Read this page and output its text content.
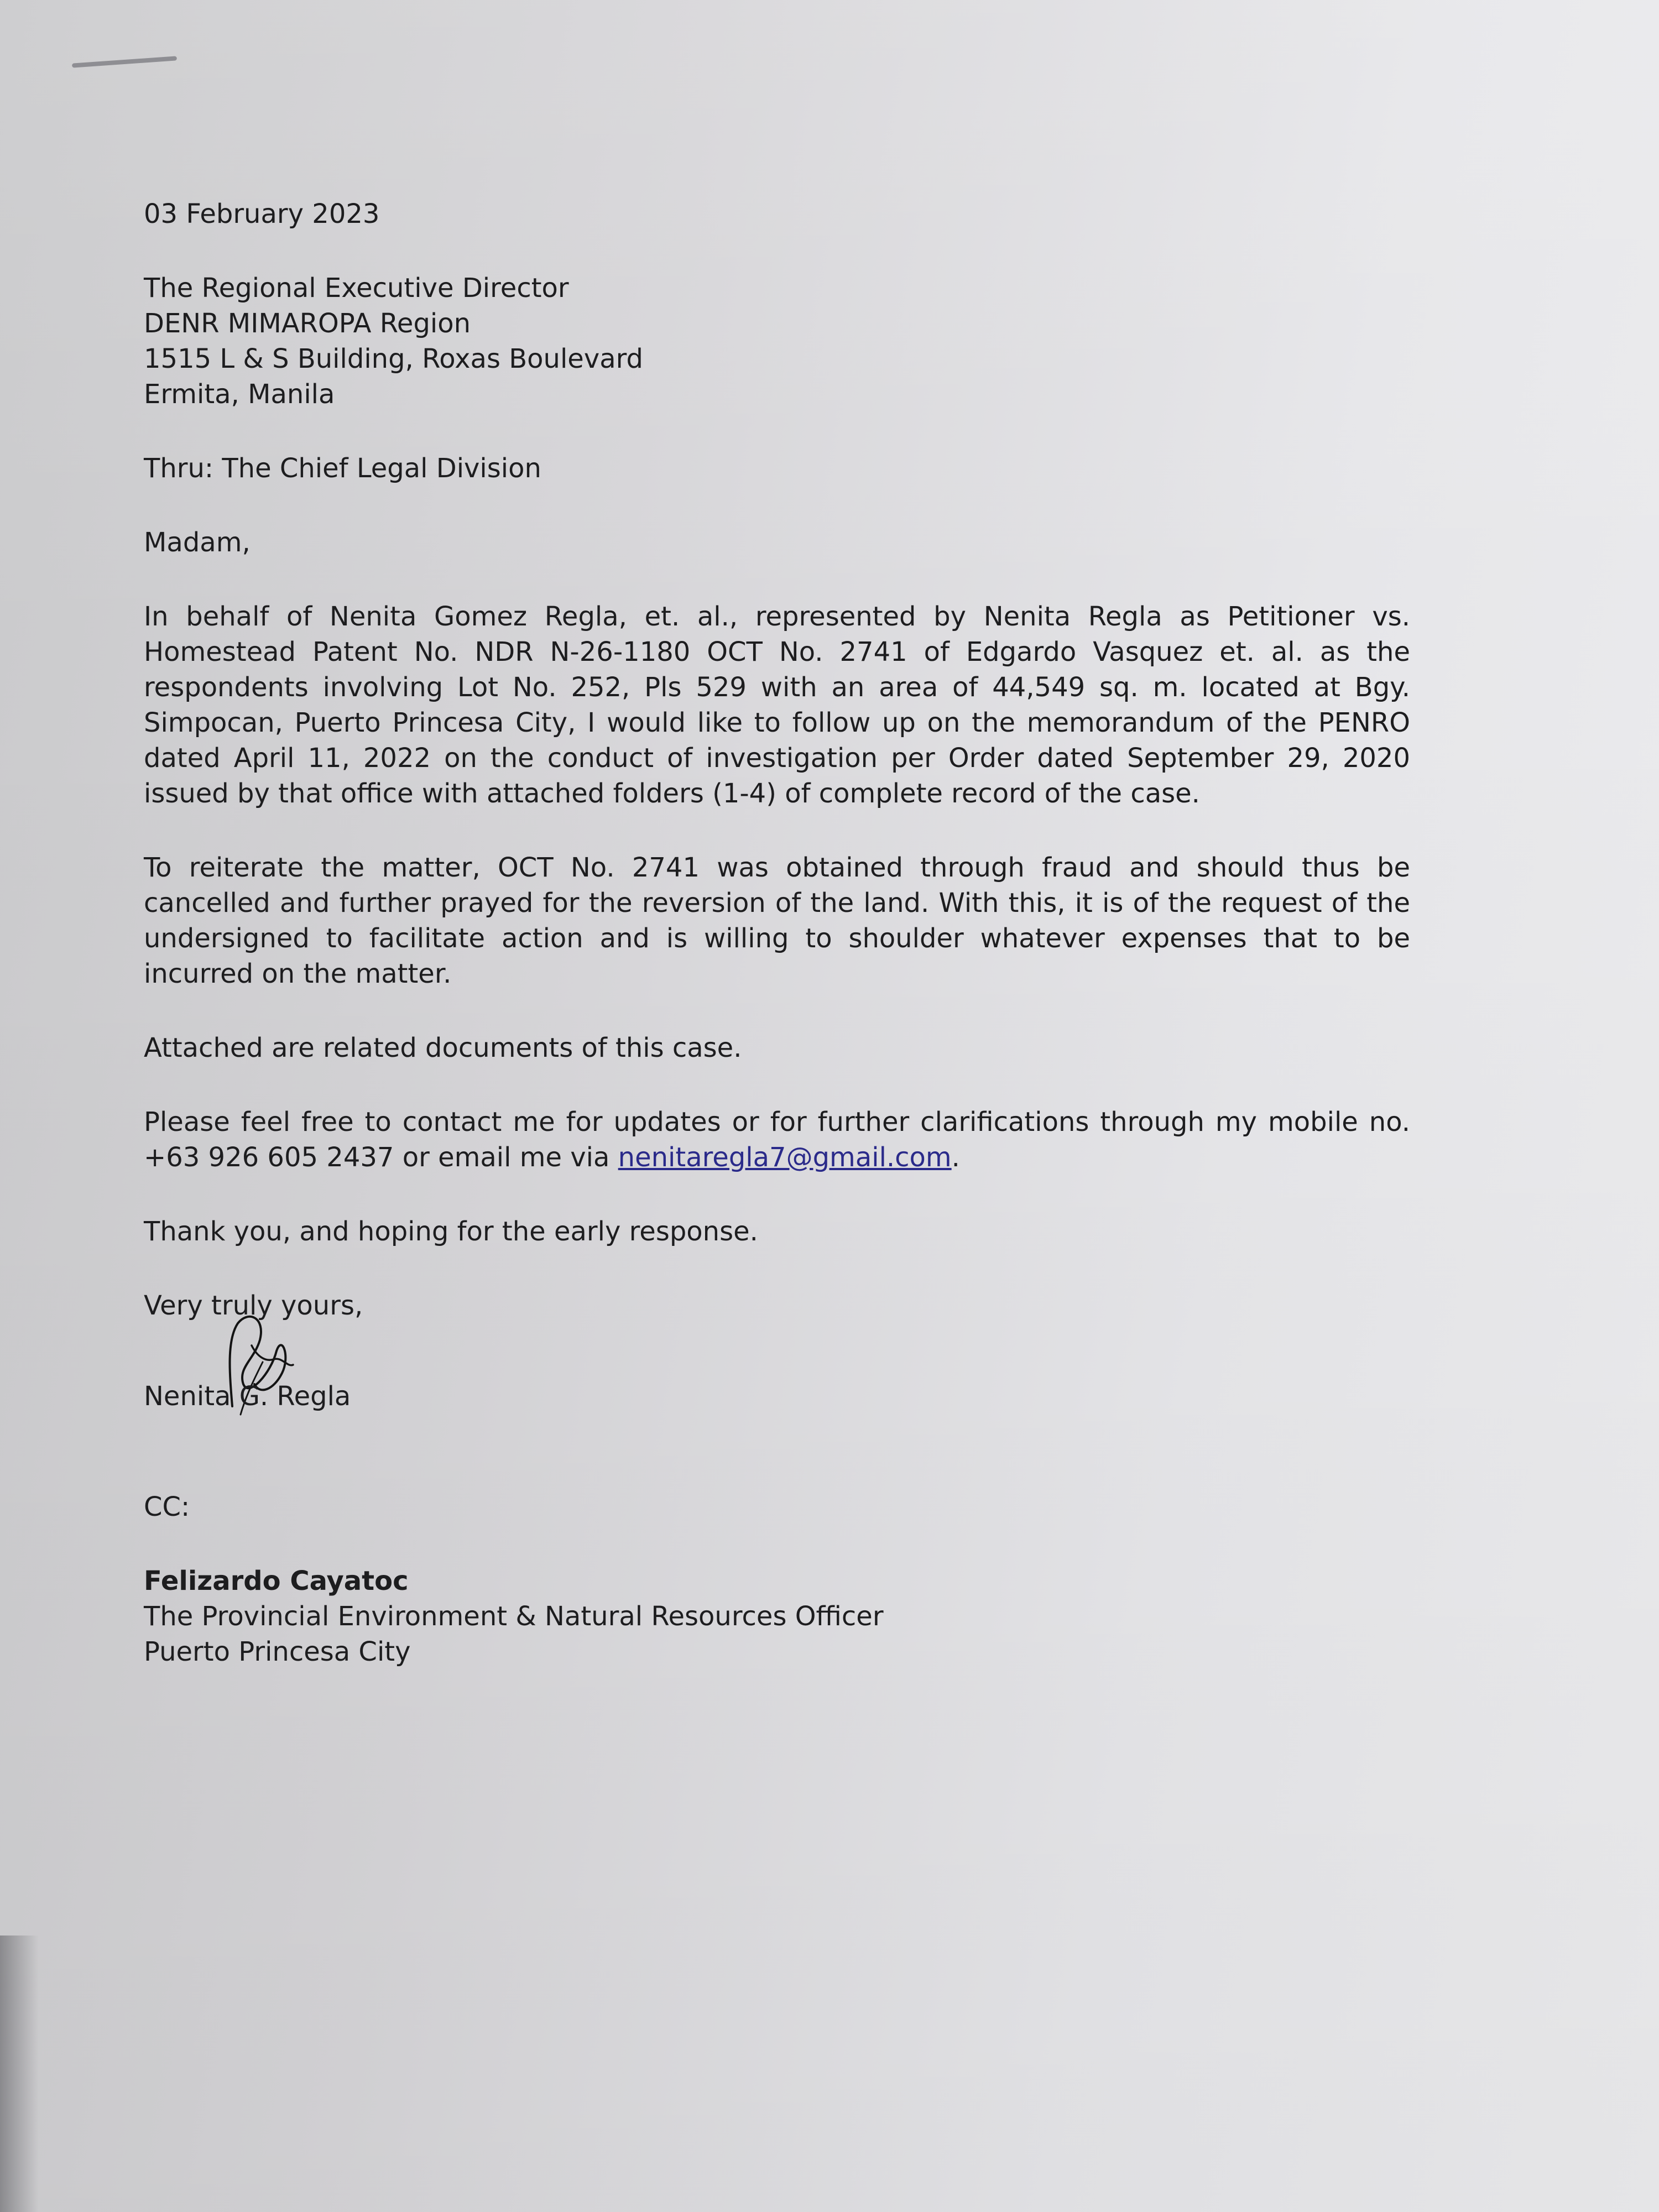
03 February 2023
The Regional Executive Director
DENR MIMAROPA Region
1515 L & S Building, Roxas Boulevard
Ermita, Manila
Thru: The Chief Legal Division
Madam,

In behalf of Nenita Gomez Regla, et. al., represented by Nenita Regla as Petitioner vs. Homestead Patent No. NDR N-26-1180 OCT No. 2741 of Edgardo Vasquez et. al. as the respondents involving Lot No. 252, Pls 529 with an area of 44,549 sq. m. located at Bgy. Simpocan, Puerto Princesa City, I would like to follow up on the memorandum of the PENRO dated April 11, 2022 on the conduct of investigation per Order dated September 29, 2020 issued by that office with attached folders (1-4) of complete record of the case.

To reiterate the matter, OCT No. 2741 was obtained through fraud and should thus be cancelled and further prayed for the reversion of the land. With this, it is of the request of the undersigned to facilitate action and is willing to shoulder whatever expenses that to be incurred on the matter.

Attached are related documents of this case.

Please feel free to contact me for updates or for further clarifications through my mobile no. +63 926 605 2437 or email me via nenitaregla7@gmail.com.

Thank you, and hoping for the early response.

Very truly yours,
Nenita G. Regla
CC:
Felizardo Cayatoc
The Provincial Environment & Natural Resources Officer
Puerto Princesa City
